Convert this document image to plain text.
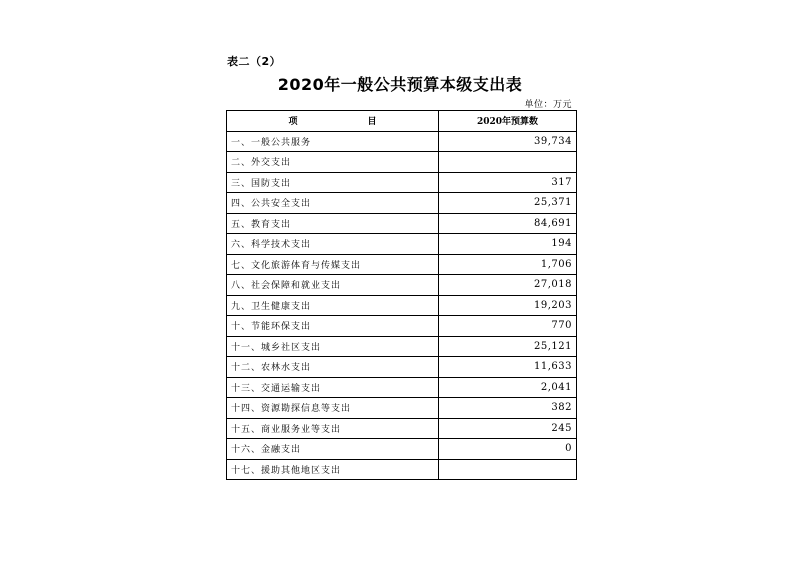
表二（2）
2020年一般公共预算本级支出表
单位：万元
项 目	2020年预算数
一、一般公共服务	39,734
二、外交支出	
三、国防支出	317
四、公共安全支出	25,371
五、教育支出	84,691
六、科学技术支出	194
七、文化旅游体育与传媒支出	1,706
八、社会保障和就业支出	27,018
九、卫生健康支出	19,203
十、节能环保支出	770
十一、城乡社区支出	25,121
十二、农林水支出	11,633
十三、交通运输支出	2,041
十四、资源勘探信息等支出	382
十五、商业服务业等支出	245
十六、金融支出	0
十七、援助其他地区支出	
